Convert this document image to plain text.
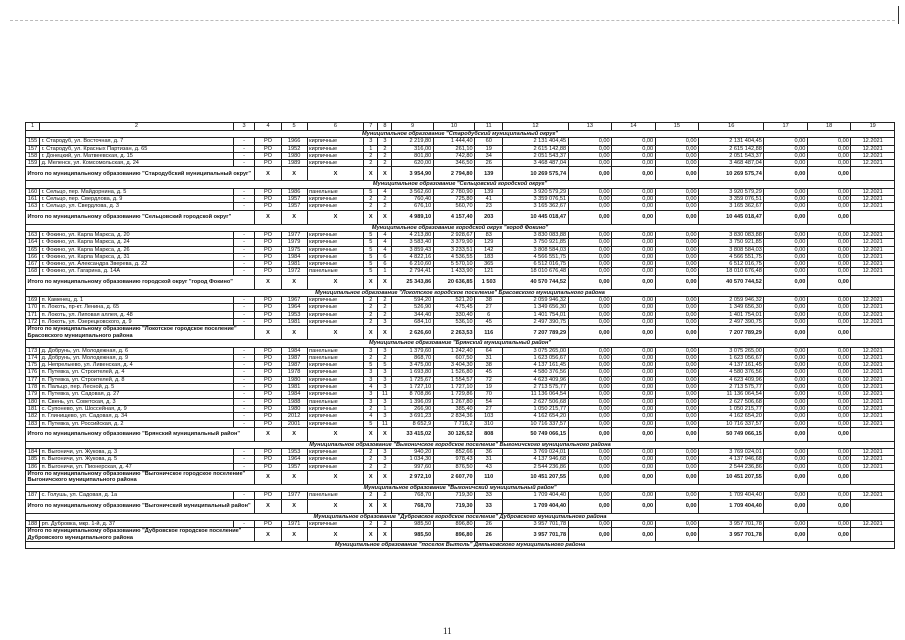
1	2	3	4	5	6	7	8	9	10	11	12	13	14	15	16	17	18	19
Муниципальное образование "Стародубский муниципальный округ"																		
155	г. Стародуб, ул. Восточная, д. 7	-	РО	1966	кирпичные	3	3	2 219,80	1 444,40	60	2 131 404,45	0,00	0,00	0,00	2 131 404,45	0,00	0,00	12.2021
157	г. Стародуб, ул. Красных Партизан, д. 65	-	РО	1952	кирпичные	1	2	316,00	261,10	19	2 615 142,88	0,00	0,00	0,00	2 615 142,88	0,00	0,00	12.2021
158	г. Донецкий, ул. Матвеевская, д. 15	-	РО	1980	кирпичные	2	2	801,80	742,80	34	2 051 543,37	0,00	0,00	0,00	2 051 543,37	0,00	0,00	12.2021
159	д. Меленск, ул. Комсомольская, д. 24	-	РО	1989	кирпичные	2	2	620,00	346,50	26	3 468 487,04	0,00	0,00	0,00	3 468 487,04	0,00	0,00	12.2021
Итого по муниципальному образованию "Стародубский муниципальный округ"			Х	Х	Х	Х	Х	3 954,90	2 794,80	139	10 269 575,74	0,00	0,00	0,00	10 269 575,74	0,00	0,00	
Муниципальное образование "Сельцовский городской округ"																		
160	г. Сельцо, пер. Майдорнина, д. 5	-	РО	1986	панельные	5	4	3 562,60	2 780,90	139	3 920 579,29	0,00	0,00	0,00	3 920 579,29	0,00	0,00	12.2021
161	г. Сельцо, пер. Свердлова, д. 9	-	РО	1957	кирпичные	2	2	760,40	725,80	41	3 359 076,51	0,00	0,00	0,00	3 359 076,51	0,00	0,00	12.2021
163	г. Сельцо, ул. Свердлова, д. 3	-	РО	1957	кирпичные	2	2	676,10	560,70	23	3 165 362,67	0,00	0,00	0,00	3 165 362,67	0,00	0,00	12.2021
Итого по муниципальному образованию "Сельцовский городской округ"			Х	Х	Х	Х	Х	4 989,10	4 157,40	203	10 445 018,47	0,00	0,00	0,00	10 445 018,47	0,00	0,00	
Муниципальное образование городской округ "город Фокино"																		
163	г. Фокино, ул. Карла Маркса, д. 20	-	РО	1977	кирпичные	5	4	4 213,80	2 928,67	83	3 830 083,88	0,00	0,00	0,00	3 830 083,88	0,00	0,00	12.2021
164	г. Фокино, ул. Карла Маркса, д. 24	-	РО	1979	кирпичные	5	4	3 583,40	3 379,90	129	3 750 921,85	0,00	0,00	0,00	3 750 921,85	0,00	0,00	12.2021
165	г. Фокино, ул. Карла Маркса, д. 26	-	РО	1975	кирпичные	5	4	3 859,43	3 233,51	142	3 808 584,03	0,00	0,00	0,00	3 808 584,03	0,00	0,00	12.2021
166	г. Фокино, ул. Карла Маркса, д. 31	-	РО	1984	кирпичные	5	6	4 822,16	4 536,55	183	4 566 551,75	0,00	0,00	0,00	4 566 551,75	0,00	0,00	12.2021
167	г. Фокино, ул. Александра Зверева, д. 22	-	РО	1981	кирпичные	5	6	6 210,60	5 570,10	365	6 512 016,75	0,00	0,00	0,00	6 512 016,75	0,00	0,00	12.2021
168	г. Фокино, ул. Гагарина, д. 14А	-	РО	1972	панельные	5	1	2 794,41	1 433,90	121	18 010 676,48	0,00	0,00	0,00	18 010 676,48	0,00	0,00	12.2021
Итого по муниципальному образованию городской округ "город Фокино"			Х	Х	Х	Х	Х	25 343,86	20 636,85	1 503	40 570 744,52	0,00	0,00	0,00	40 570 744,52	0,00	0,00	
Муниципальное образование "Локотское городское поселение" Брасовского муниципального района																		
169	п. Каменец, д. 1	-	РО	1967	кирпичные	2	2	594,20	521,20	38	2 059 946,32	0,00	0,00	0,00	2 059 946,32	0,00	0,00	12.2021
170	п. Локоть, пр-кт. Ленина, д. 65	-	РО	1964	кирпичные	2	2	526,90	475,45	27	1 349 656,30	0,00	0,00	0,00	1 349 656,30	0,00	0,00	12.2021
171	п. Локоть, ул. Липовая аллея, д. 48	-	РО	1953	кирпичные	2	2	344,40	330,40	6	1 401 754,01	0,00	0,00	0,00	1 401 754,01	0,00	0,00	12.2021
172	п. Локоть, ул. Озерецковского, д. 9	-	РО	1981	кирпичные	2	3	684,10	536,10	45	2 497 390,75	0,00	0,00	0,00	2 497 390,75	0,00	0,00	12.2021
Итого по муниципальному образованию "Локотское городское поселение" Брасовского муниципального района			Х	Х	Х	Х	Х	2 626,60	2 263,53	116	7 207 789,29	0,00	0,00	0,00	7 207 789,29	0,00	0,00	
Муниципальное образование "Брянский муниципальный район"																		
173	д. Добрунь, ул. Молодежная, д. 6	-	РО	1984	панельные	3	3	1 379,60	1 242,40	64	3 075 265,00	0,00	0,00	0,00	3 075 265,00	0,00	0,00	12.2021
174	д. Добрунь, ул. Молодежная, д. 9	-	РО	1987	панельные	2	2	868,70	607,50	31	1 623 056,67	0,00	0,00	0,00	1 623 056,67	0,00	0,00	12.2021
175	д. Непрелыево, ул. Ливенская, д. 4	-	РО	1987	кирпичные	5	5	3 475,00	3 404,30	38	4 137 161,45	0,00	0,00	0,00	4 137 161,45	0,00	0,00	12.2021
176	п. Путевка, ул. Строителей, д. 4	-	РО	1978	кирпичные	3	3	1 693,80	1 526,80	45	4 580 376,56	0,00	0,00	0,00	4 580 376,56	0,00	0,00	12.2021
177	п. Путевка, ул. Строителей, д. 8	-	РО	1980	кирпичные	3	3	1 725,67	1 554,57	72	4 623 409,96	0,00	0,00	0,00	4 623 409,96	0,00	0,00	12.2021
178	п. Пальцо, пер. Лесной, д. 5	-	РО	1981	кирпичные	4	3	1 727,10	1 727,10	19	2 713 575,77	0,00	0,00	0,00	2 713 575,77	0,00	0,00	12.2021
179	п. Путевка, ул. Садовая, д. 27	-	РО	1984	кирпичные	3	11	8 708,86	1 729,86	70	11 136 064,54	0,00	0,00	0,00	11 136 064,54	0,00	0,00	12.2021
180	п. Свень, ул. Советская, д. 3	-	РО	1988	панельные	3	3	1 396,09	1 267,80	54	2 627 506,68	0,00	0,00	0,00	2 627 506,68	0,00	0,00	12.2021
181	с. Супонево, ул. Шоссейная, д. 9	-	РО	1980	кирпичные	2	1	266,90	385,40	27	1 050 215,77	0,00	0,00	0,00	1 050 215,77	0,00	0,00	12.2021
182	п. Глинищево, ул. Садовая, д. 34	-	РО	2012	кирпичные	4	3	3 691,23	2 834,36	103	4 162 654,20	0,00	0,00	0,00	4 162 654,20	0,00	0,00	12.2021
183	п. Путевка, ул. Российская, д. 2	-	РО	2001	кирпичные	5	11	8 652,9	7 716,2	310	10 716 337,57	0,00	0,00	0,00	10 716 337,57	0,00	0,00	12.2021
Итого по муниципальному образованию "Брянский муниципальный район"			Х	Х	Х	Х	Х	33 415,02	30 126,52	808	50 749 066,15	0,00	0,00	0,00	50 749 066,15	0,00	0,00	
Муниципальное образование "Выгоничское городское поселение" Выгоничского муниципального района																		
184	п. Выгоничи, ул. Жукова, д. 3	-	РО	1953	кирпичные	2	3	940,20	852,66	36	3 769 024,01	0,00	0,00	0,00	3 769 024,01	0,00	0,00	12.2021
185	п. Выгоничи, ул. Жукова, д. 5	-	РО	1964	кирпичные	2	3	1 034,30	978,43	31	4 137 946,68	0,00	0,00	0,00	4 137 946,68	0,00	0,00	12.2021
186	п. Выгоничи, ул. Пионерская, д. 47	-	РО	1957	кирпичные	2	2	997,60	876,50	43	2 544 236,86	0,00	0,00	0,00	2 544 236,86	0,00	0,00	12.2021
Итого по муниципальному образованию "Выгоничское городское поселение" Выгоничского муниципального района			Х	Х	Х	Х	Х	2 972,10	2 607,70	110	10 451 207,55	0,00	0,00	0,00	10 451 207,55	0,00	0,00	
Муниципальное образование "Выгоничский муниципальный район"																		
187	с. Голушь, ул. Садовая, д. 1а	-	РО	1977	панельные	2	2	768,70	719,30	33	1 709 404,40	0,00	0,00	0,00	1 709 404,40	0,00	0,00	12.2021
Итого по муниципальному образованию "Выгоничский муниципальный район"			Х	Х	Х	Х	Х	768,70	719,30	33	1 709 404,40	0,00	0,00	0,00	1 709 404,40	0,00	0,00	
Муниципальное образование "Дубровское городское поселение" Дубровского муниципального района																		
188	рп. Дубровка, мкр. 1-й, д. 37	-	РО	1971	кирпичные	2	2	985,50	896,80	26	3 957 701,78	0,00	0,00	0,00	3 957 701,78	0,00	0,00	12.2021
Итого по муниципальному образованию "Дубровское городское поселение" Дубровского муниципального района			Х	Х	Х	Х	Х	985,50	896,80	26	3 957 701,78	0,00	0,00	0,00	3 957 701,78	0,00	0,00	
Муниципальное образование "поселок Вытоль" Дятьковского муниципального района																		
11
